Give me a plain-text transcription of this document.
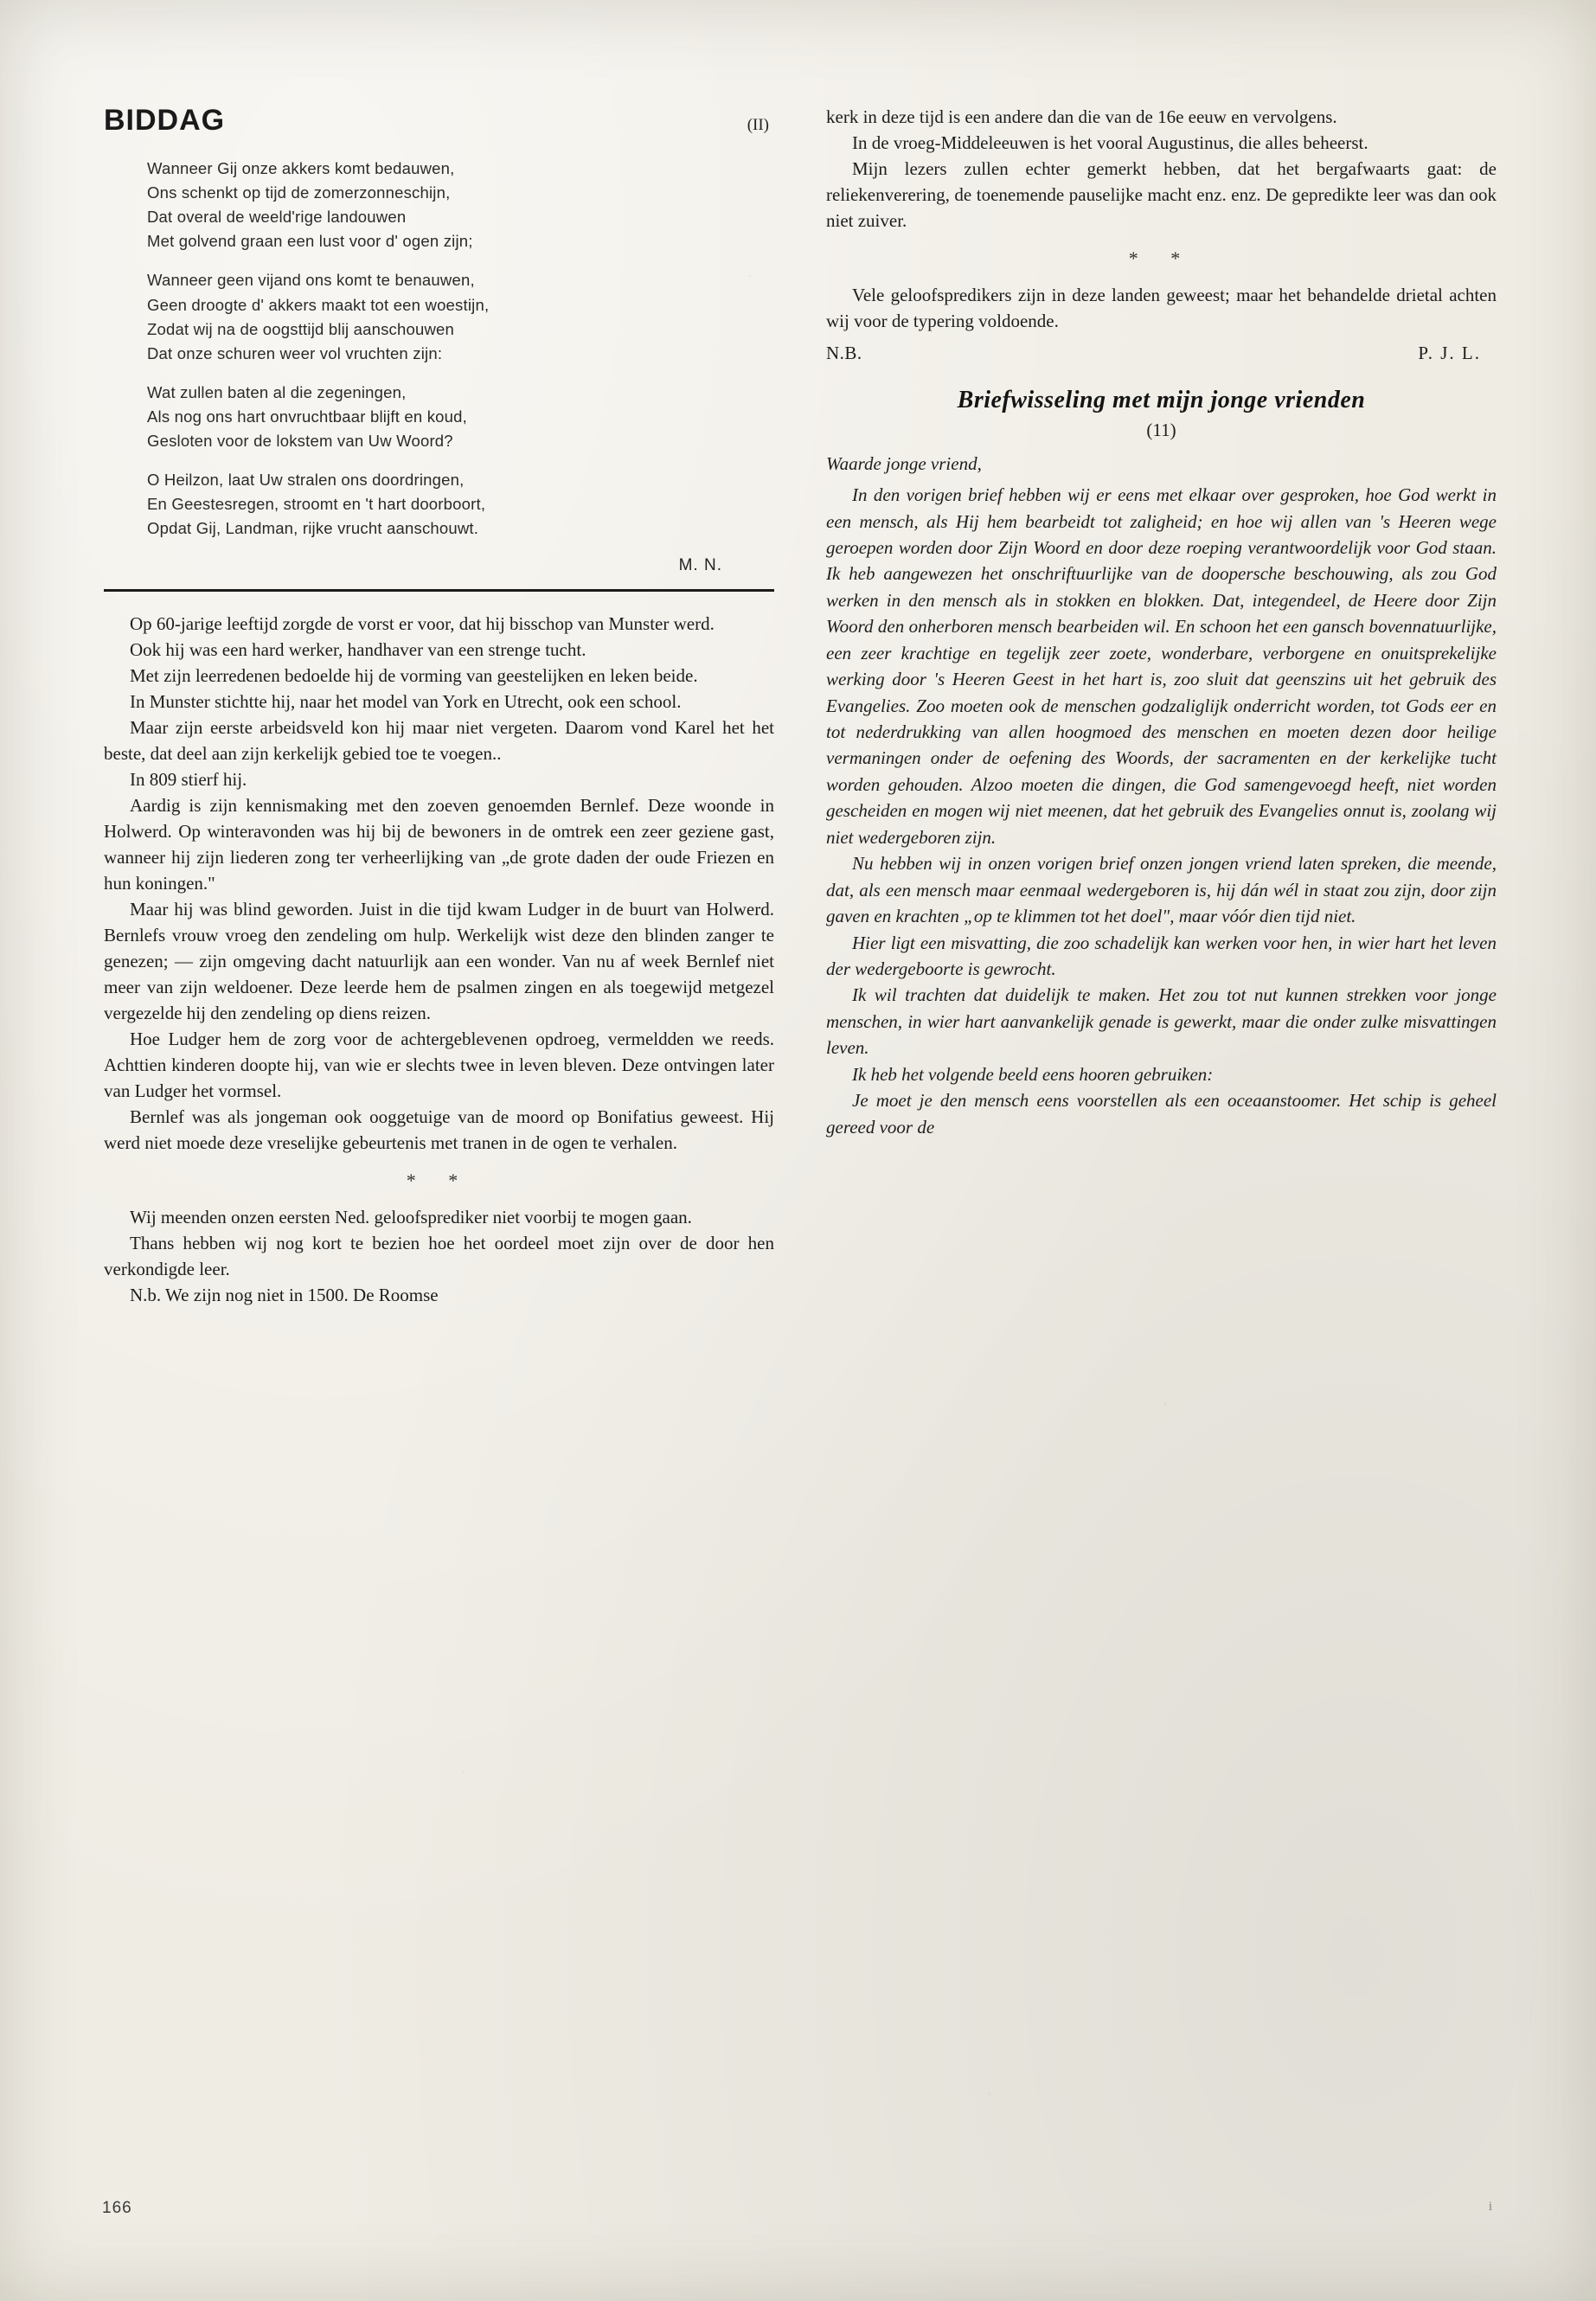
BIDDAG	(II)
Wanneer Gij onze akkers komt bedauwen,
Ons schenkt op tijd de zomerzonneschijn,
Dat overal de weeld'rige landouwen
Met golvend graan een lust voor d' ogen zijn;
Wanneer geen vijand ons komt te benauwen,
Geen droogte d' akkers maakt tot een woestijn,
Zodat wij na de oogsttijd blij aanschouwen
Dat onze schuren weer vol vruchten zijn:
Wat zullen baten al die zegeningen,
Als nog ons hart onvruchtbaar blijft en koud,
Gesloten voor de lokstem van Uw Woord?
O Heilzon, laat Uw stralen ons doordringen,
En Geestesregen, stroomt en 't hart doorboort,
Opdat Gij, Landman, rijke vrucht aanschouwt.
M. N.

Op 60-jarige leeftijd zorgde de vorst er voor, dat hij bisschop van Munster werd.

Ook hij was een hard werker, handhaver van een strenge tucht.

Met zijn leerredenen bedoelde hij de vorming van geestelijken en leken beide.

In Munster stichtte hij, naar het model van York en Utrecht, ook een school.

Maar zijn eerste arbeidsveld kon hij maar niet vergeten. Daarom vond Karel het het beste, dat deel aan zijn kerkelijk gebied toe te voegen..

In 809 stierf hij.

Aardig is zijn kennismaking met den zoeven genoemden Bernlef. Deze woonde in Holwerd. Op winteravonden was hij bij de bewoners in de omtrek een zeer geziene gast, wanneer hij zijn liederen zong ter verheerlijking van „de grote daden der oude Friezen en hun koningen."

Maar hij was blind geworden. Juist in die tijd kwam Ludger in de buurt van Holwerd. Bernlefs vrouw vroeg den zendeling om hulp. Werkelijk wist deze den blinden zanger te genezen; — zijn omgeving dacht natuurlijk aan een wonder. Van nu af week Bernlef niet meer van zijn weldoener. Deze leerde hem de psalmen zingen en als toegewijd metgezel vergezelde hij den zendeling op diens reizen.

Hoe Ludger hem de zorg voor de achtergeblevenen opdroeg, vermeldden we reeds. Achttien kinderen doopte hij, van wie er slechts twee in leven bleven. Deze ontvingen later van Ludger het vormsel.

Bernlef was als jongeman ook ooggetuige van de moord op Bonifatius geweest. Hij werd niet moede deze vreselijke gebeurtenis met tranen in de ogen te verhalen.

* *

Wij meenden onzen eersten Ned. geloofsprediker niet voorbij te mogen gaan.

Thans hebben wij nog kort te bezien hoe het oordeel moet zijn over de door hen verkondigde leer.

N.b. We zijn nog niet in 1500. De Roomse

kerk in deze tijd is een andere dan die van de 16e eeuw en vervolgens.

In de vroeg-Middeleeuwen is het vooral Augustinus, die alles beheerst.

Mijn lezers zullen echter gemerkt hebben, dat het bergafwaarts gaat: de reliekenverering, de toenemende pauselijke macht enz. enz. De gepredikte leer was dan ook niet zuiver.

* *

Vele geloofspredikers zijn in deze landen geweest; maar het behandelde drietal achten wij voor de typering voldoende.

N.B.	P. J. L.
Briefwisseling met mijn jonge vrienden
(11)
Waarde jonge vriend,

In den vorigen brief hebben wij er eens met elkaar over gesproken, hoe God werkt in een mensch, als Hij hem bearbeidt tot zaligheid; en hoe wij allen van 's Heeren wege geroepen worden door Zijn Woord en door deze roeping verantwoordelijk voor God staan. Ik heb aangewezen het onschriftuurlijke van de doopersche beschouwing, als zou God werken in den mensch als in stokken en blokken. Dat, integendeel, de Heere door Zijn Woord den onherboren mensch bearbeiden wil. En schoon het een gansch bovennatuurlijke, een zeer krachtige en tegelijk zeer zoete, wonderbare, verborgene en onuitsprekelijke werking door 's Heeren Geest in het hart is, zoo sluit dat geenszins uit het gebruik des Evangelies. Zoo moeten ook de menschen godzaliglijk onderricht worden, tot Gods eer en tot nederdrukking van allen hoogmoed des menschen en moeten dezen door heilige vermaningen onder de oefening des Woords, der sacramenten en der kerkelijke tucht worden gehouden. Alzoo moeten die dingen, die God samengevoegd heeft, niet worden gescheiden en mogen wij niet meenen, dat het gebruik des Evangelies onnut is, zoolang wij niet wedergeboren zijn.

Nu hebben wij in onzen vorigen brief onzen jongen vriend laten spreken, die meende, dat, als een mensch maar eenmaal wedergeboren is, hij dán wél in staat zou zijn, door zijn gaven en krachten „op te klimmen tot het doel", maar vóór dien tijd niet.

Hier ligt een misvatting, die zoo schadelijk kan werken voor hen, in wier hart het leven der wedergeboorte is gewrocht.

Ik wil trachten dat duidelijk te maken. Het zou tot nut kunnen strekken voor jonge menschen, in wier hart aanvankelijk genade is gewerkt, maar die onder zulke misvattingen leven.

Ik heb het volgende beeld eens hooren gebruiken:

Je moet je den mensch eens voorstellen als een oceaanstoomer. Het schip is geheel gereed voor de

166	i
